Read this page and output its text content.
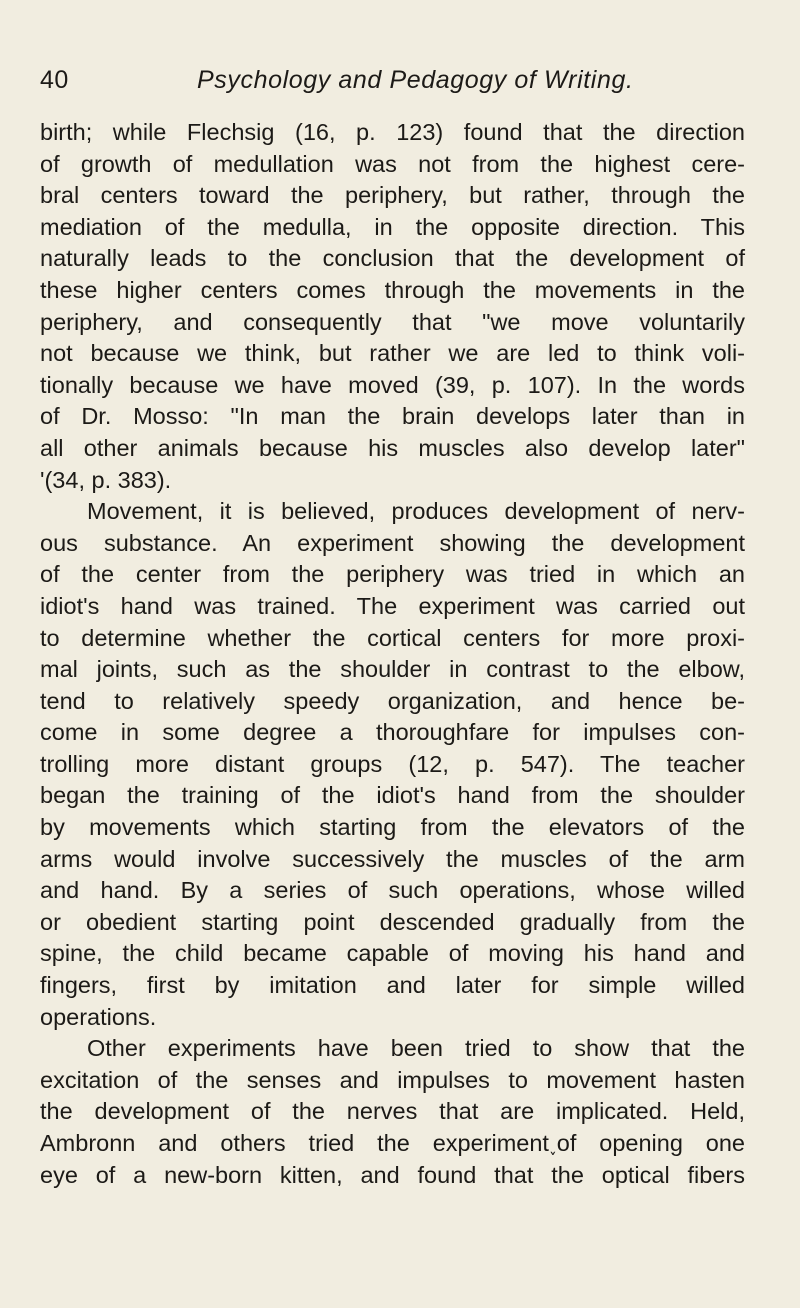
40	Psychology and Pedagogy of Writing.
birth; while Flechsig (16, p. 123) found that the direction
of growth of medullation was not from the highest cere-
bral centers toward the periphery, but rather, through the
mediation of the medulla, in the opposite direction. This
naturally leads to the conclusion that the development of
these higher centers comes through the movements in the
periphery, and consequently that "we move voluntarily
not because we think, but rather we are led to think voli-
tionally because we have moved (39, p. 107). In the words
of Dr. Mosso: "In man the brain develops later than in
all other animals because his muscles also develop later"
'(34, p. 383).
Movement, it is believed, produces development of nerv-
ous substance. An experiment showing the development
of the center from the periphery was tried in which an
idiot's hand was trained. The experiment was carried out
to determine whether the cortical centers for more proxi-
mal joints, such as the shoulder in contrast to the elbow,
tend to relatively speedy organization, and hence be-
come in some degree a thoroughfare for impulses con-
trolling more distant groups (12, p. 547). The teacher
began the training of the idiot's hand from the shoulder
by movements which starting from the elevators of the
arms would involve successively the muscles of the arm
and hand. By a series of such operations, whose willed
or obedient starting point descended gradually from the
spine, the child became capable of moving his hand and
fingers, first by imitation and later for simple willed
operations.
Other experiments have been tried to show that the
excitation of the senses and impulses to movement hasten
the development of the nerves that are implicated. Held,
Ambronn and others tried the experiment˯of opening one
eye of a new-born kitten, and found that the optical fibers
